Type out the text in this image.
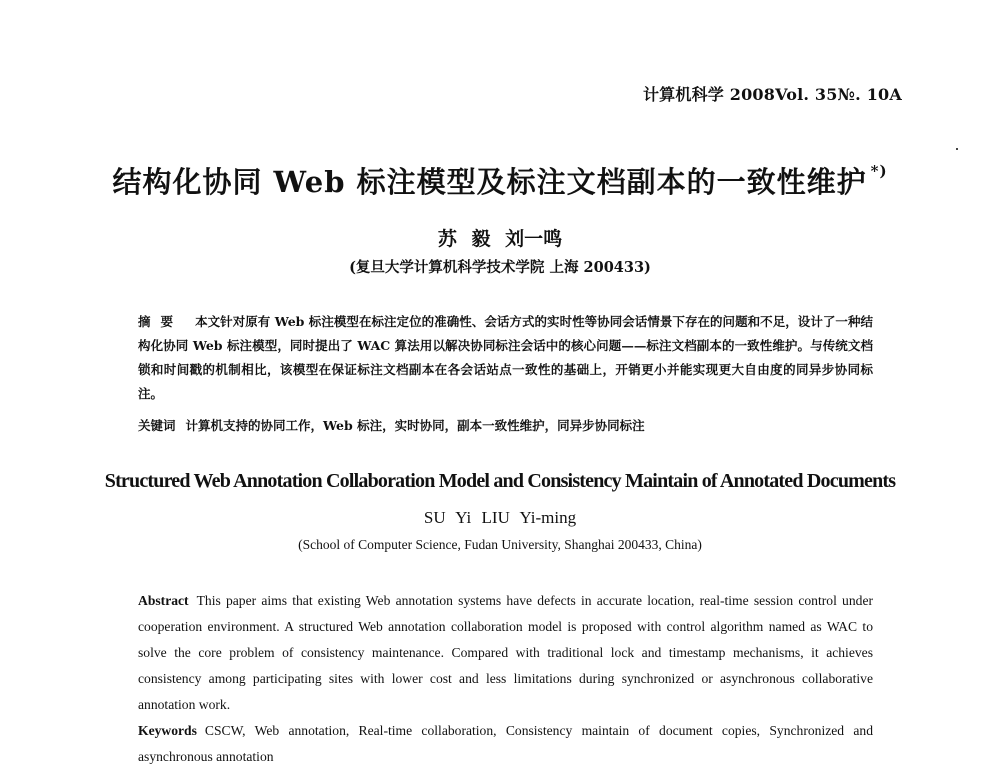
计算机科学 2008Vol. 35№. 10A
结构化协同 Web 标注模型及标注文档副本的一致性维护 *)
苏 毅 刘一鸣
(复旦大学计算机科学技术学院 上海 200433)
摘要 本文针对原有 Web 标注模型在标注定位的准确性、会话方式的实时性等协同会话情景下存在的问题和不足，设计了一种结构化协同 Web 标注模型，同时提出了 WAC 算法用以解决协同标注会话中的核心问题——标注文档副本的一致性维护。与传统文档锁和时间戳的机制相比，该模型在保证标注文档副本在各会话站点一致性的基础上，开销更小并能实现更大自由度的同异步协同标注。
关键词 计算机支持的协同工作，Web 标注，实时协同，副本一致性维护，同异步协同标注
Structured Web Annotation Collaboration Model and Consistency Maintain of Annotated Documents
SU Yi LIU Yi-ming
(School of Computer Science, Fudan University, Shanghai 200433, China)
Abstract This paper aims that existing Web annotation systems have defects in accurate location, real-time session control under cooperation environment. A structured Web annotation collaboration model is proposed with control algorithm named as WAC to solve the core problem of consistency maintenance. Compared with traditional lock and timestamp mechanisms, it achieves consistency among participating sites with lower cost and less limitations during synchronized or asynchronous collaborative annotation work.
Keywords CSCW, Web annotation, Real-time collaboration, Consistency maintain of document copies, Synchronized and asynchronous annotation
